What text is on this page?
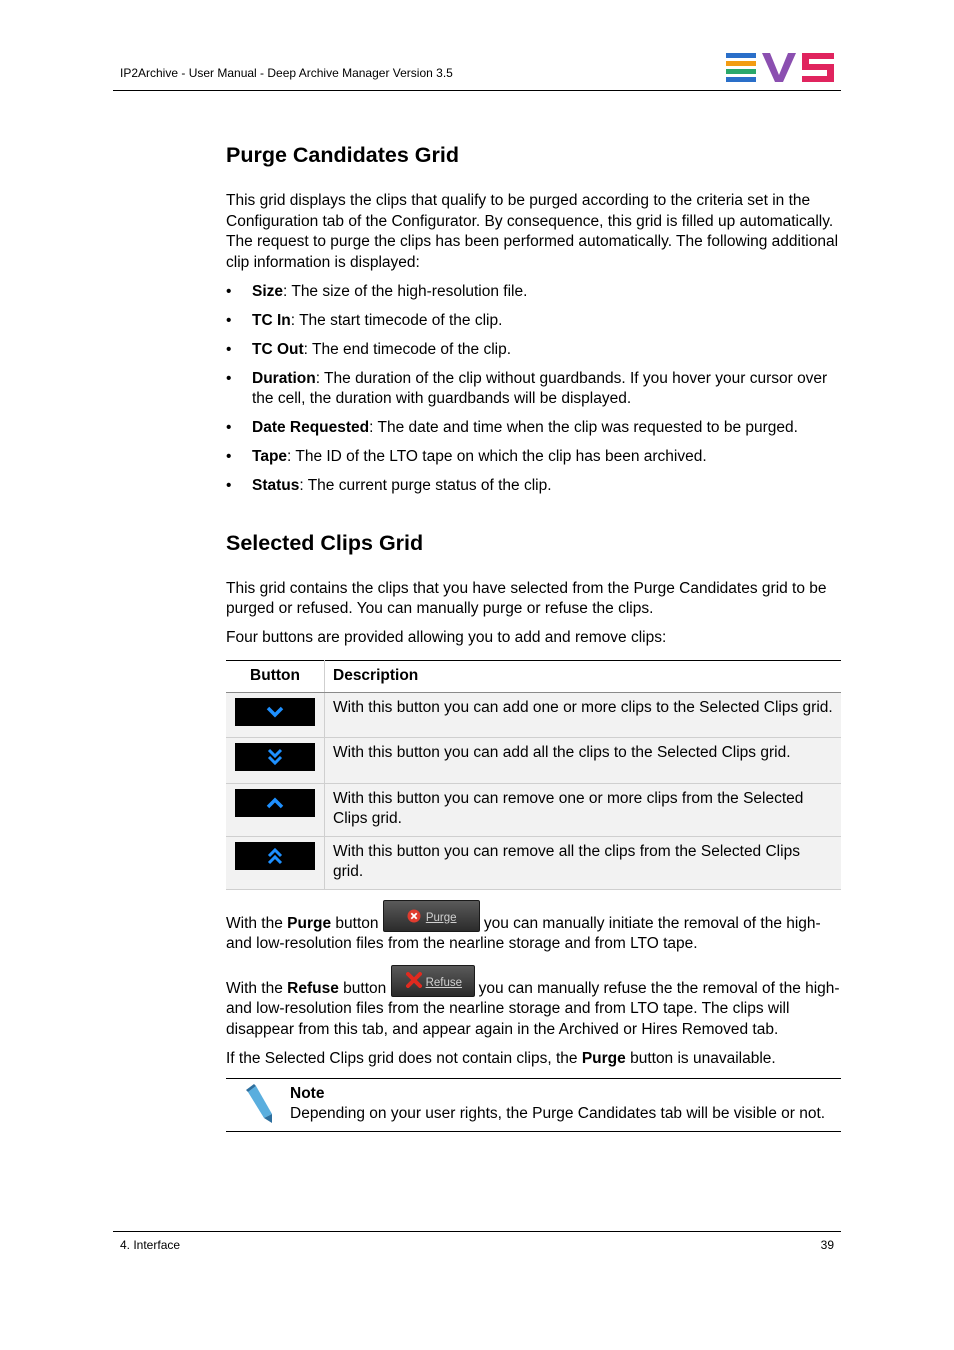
IP2Archive - User Manual - Deep Archive Manager Version 3.5
Purge Candidates Grid

This grid displays the clips that qualify to be purged according to the criteria set in the Configuration tab of the Configurator. By consequence, this grid is filled up automatically. The request to purge the clips has been performed automatically. The following additional clip information is displayed:

• Size: The size of the high-resolution file.
• TC In: The start timecode of the clip.
• TC Out: The end timecode of the clip.
• Duration: The duration of the clip without guardbands. If you hover your cursor over the cell, the duration with guardbands will be displayed.
• Date Requested: The date and time when the clip was requested to be purged.
• Tape: The ID of the LTO tape on which the clip has been archived.
• Status: The current purge status of the clip.
Selected Clips Grid

This grid contains the clips that you have selected from the Purge Candidates grid to be purged or refused. You can manually purge or refuse the clips.

Four buttons are provided allowing you to add and remove clips:

Button	Description

	With this button you can add one or more clips to the Selected Clips grid.

	With this button you can add all the clips to the Selected Clips grid.

	With this button you can remove one or more clips from the Selected Clips grid.

	With this button you can remove all the clips from the Selected Clips grid.

With the Purge button	Purge you can manually initiate the removal of the high-and low-resolution files from the nearline storage and from LTO tape.

With the Refuse button	Refuse you can manually refuse the the removal of the high-and low-resolution files from the nearline storage and from LTO tape. The clips will disappear from this tab, and appear again in the Archived or Hires Removed tab.

If the Selected Clips grid does not contain clips, the Purge button is unavailable.

Note
Depending on your user rights, the Purge Candidates tab will be visible or not.
4. Interface	39
